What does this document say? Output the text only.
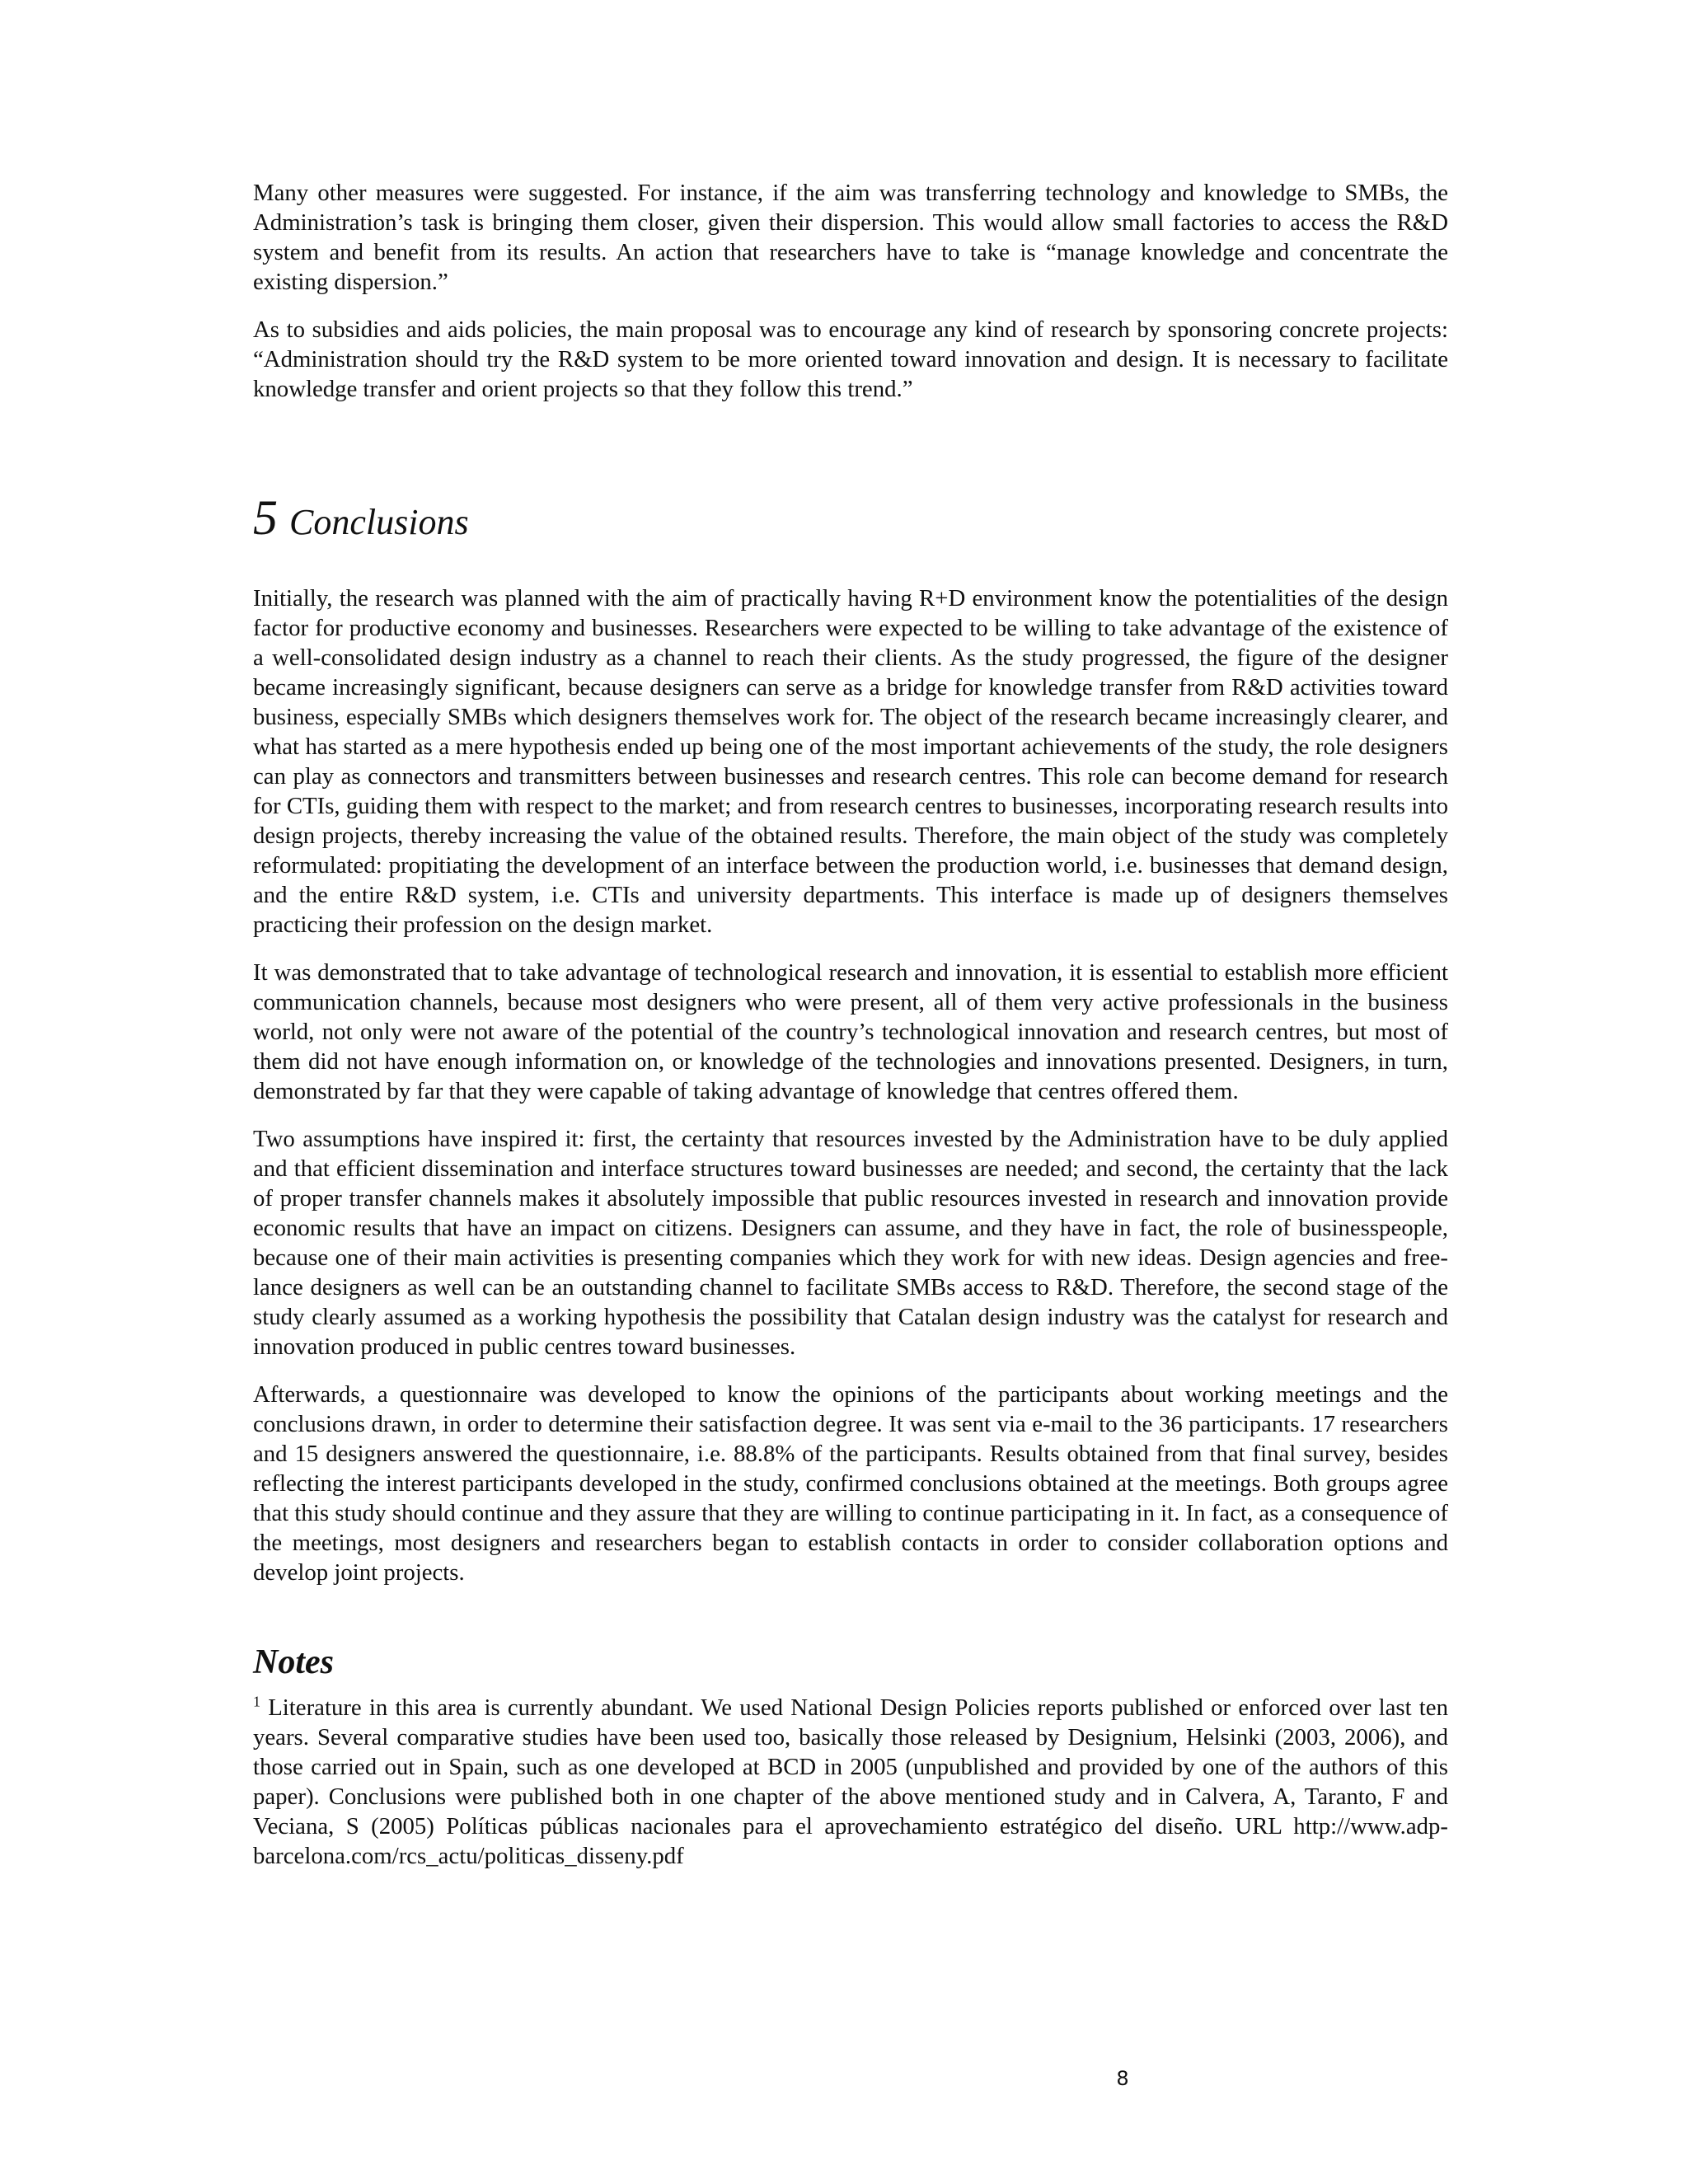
Many other measures were suggested. For instance, if the aim was transferring technology and knowledge to SMBs, the Administration’s task is bringing them closer, given their dispersion. This would allow small factories to access the R&D system and benefit from its results. An action that researchers have to take is “manage knowledge and concentrate the existing dispersion.”

As to subsidies and aids policies, the main proposal was to encourage any kind of research by sponsoring concrete projects: “Administration should try the R&D system to be more oriented toward innovation and design. It is necessary to facilitate knowledge transfer and orient projects so that they follow this trend.”

5 Conclusions

Initially, the research was planned with the aim of practically having R+D environment know the potentialities of the design factor for productive economy and businesses. Researchers were expected to be willing to take advantage of the existence of a well-consolidated design industry as a channel to reach their clients. As the study progressed, the figure of the designer became increasingly significant, because designers can serve as a bridge for knowledge transfer from R&D activities toward business, especially SMBs which designers themselves work for. The object of the research became increasingly clearer, and what has started as a mere hypothesis ended up being one of the most important achievements of the study, the role designers can play as connectors and transmitters between businesses and research centres. This role can become demand for research for CTIs, guiding them with respect to the market; and from research centres to businesses, incorporating research results into design projects, thereby increasing the value of the obtained results. Therefore, the main object of the study was completely reformulated: propitiating the development of an interface between the production world, i.e. businesses that demand design, and the entire R&D system, i.e. CTIs and university departments. This interface is made up of designers themselves practicing their profession on the design market.

It was demonstrated that to take advantage of technological research and innovation, it is essential to establish more efficient communication channels, because most designers who were present, all of them very active professionals in the business world, not only were not aware of the potential of the country’s technological innovation and research centres, but most of them did not have enough information on, or knowledge of the technologies and innovations presented. Designers, in turn, demonstrated by far that they were capable of taking advantage of knowledge that centres offered them.

Two assumptions have inspired it: first, the certainty that resources invested by the Administration have to be duly applied and that efficient dissemination and interface structures toward businesses are needed; and second, the certainty that the lack of proper transfer channels makes it absolutely impossible that public resources invested in research and innovation provide economic results that have an impact on citizens. Designers can assume, and they have in fact, the role of businesspeople, because one of their main activities is presenting companies which they work for with new ideas. Design agencies and free-lance designers as well can be an outstanding channel to facilitate SMBs access to R&D. Therefore, the second stage of the study clearly assumed as a working hypothesis the possibility that Catalan design industry was the catalyst for research and innovation produced in public centres toward businesses.

Afterwards, a questionnaire was developed to know the opinions of the participants about working meetings and the conclusions drawn, in order to determine their satisfaction degree. It was sent via e-mail to the 36 participants. 17 researchers and 15 designers answered the questionnaire, i.e. 88.8% of the participants. Results obtained from that final survey, besides reflecting the interest participants developed in the study, confirmed conclusions obtained at the meetings. Both groups agree that this study should continue and they assure that they are willing to continue participating in it. In fact, as a consequence of the meetings, most designers and researchers began to establish contacts in order to consider collaboration options and develop joint projects.

Notes

$^1$ Literature in this area is currently abundant. We used National Design Policies reports published or enforced over last ten years. Several comparative studies have been used too, basically those released by Designium, Helsinki (2003, 2006), and those carried out in Spain, such as one developed at BCD in 2005 (unpublished and provided by one of the authors of this paper). Conclusions were published both in one chapter of the above mentioned study and in Calvera, A, Taranto, F and Veciana, S (2005) Políticas públicas nacionales para el aprovechamiento estratégico del diseño. URL http://www.adp-barcelona.com/rcs_actu/politicas_disseny.pdf

8
